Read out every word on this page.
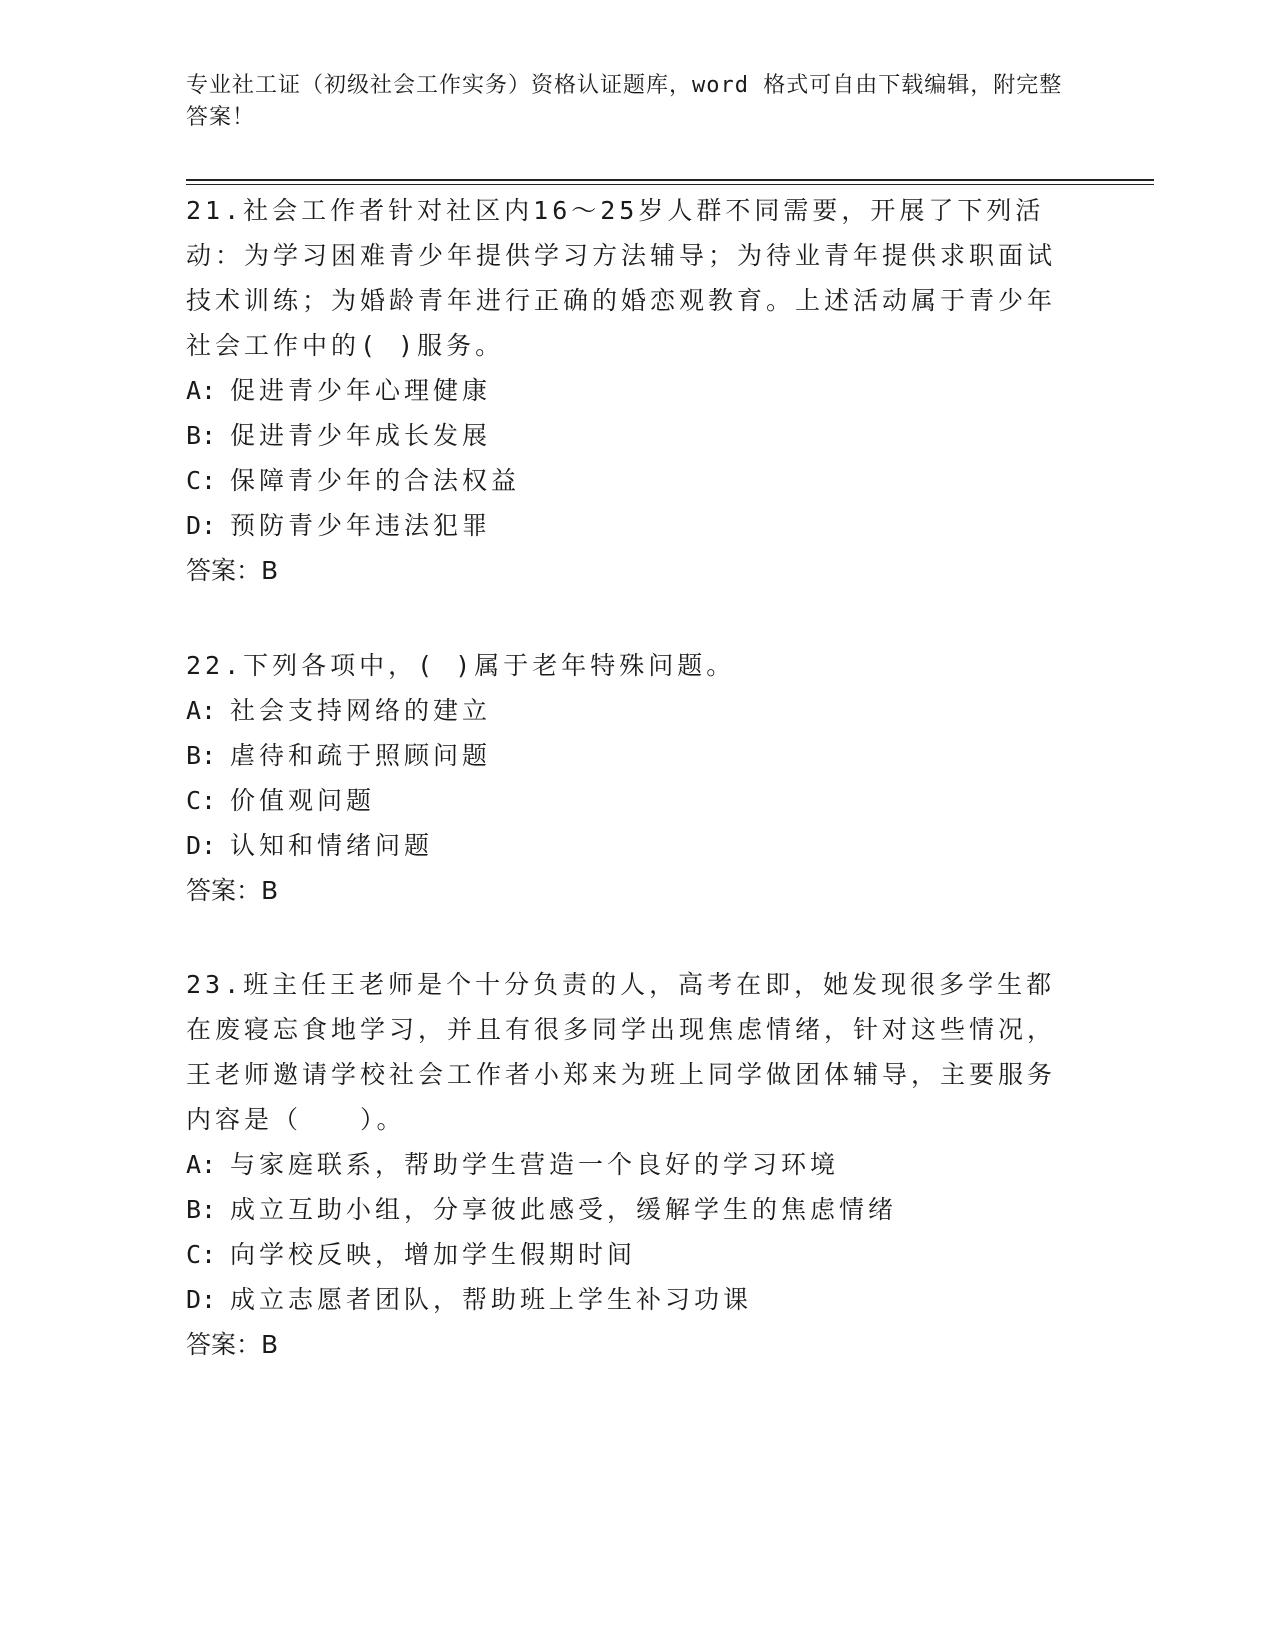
专业社工证（初级社会工作实务）资格认证题库，word 格式可自由下载编辑，附完整答案！

21.社会工作者针对社区内16～25岁人群不同需要，开展了下列活动：为学习困难青少年提供学习方法辅导；为待业青年提供求职面试技术训练；为婚龄青年进行正确的婚恋观教育。上述活动属于青少年社会工作中的( )服务。

A: 促进青少年心理健康

B: 促进青少年成长发展

C: 保障青少年的合法权益

D: 预防青少年违法犯罪

答案：B

22.下列各项中，( )属于老年特殊问题。

A: 社会支持网络的建立

B: 虐待和疏于照顾问题

C: 价值观问题

D: 认知和情绪问题

答案：B

23.班主任王老师是个十分负责的人，高考在即，她发现很多学生都在废寝忘食地学习，并且有很多同学出现焦虑情绪，针对这些情况，王老师邀请学校社会工作者小郑来为班上同学做团体辅导，主要服务内容是（　　）。

A: 与家庭联系，帮助学生营造一个良好的学习环境

B: 成立互助小组，分享彼此感受，缓解学生的焦虑情绪

C: 向学校反映，增加学生假期时间

D: 成立志愿者团队，帮助班上学生补习功课

答案：B
